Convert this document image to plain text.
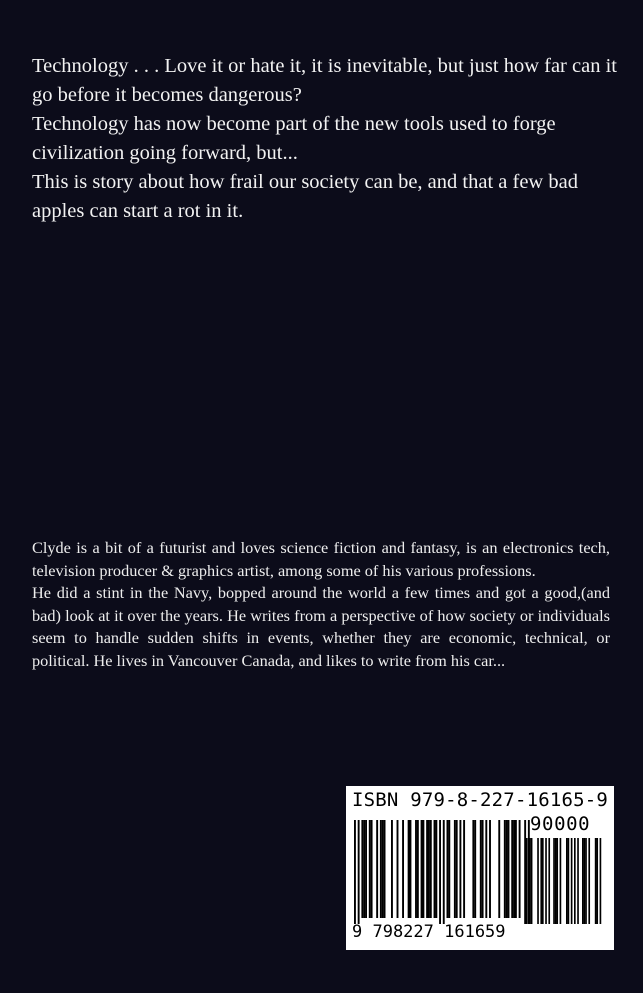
Technology . . . Love it or hate it, it is inevitable, but just how far can it go before it becomes dangerous?

Technology has now become part of the new tools used to forge civilization going forward, but...

This is story about how frail our society can be, and that a few bad apples can start a rot in it.

Clyde is a bit of a futurist and loves science fiction and fantasy, is an electronics tech, television producer & graphics artist, among some of his various professions.

He did a stint in the Navy, bopped around the world a few times and got a good,(and bad) look at it over the years. He writes from a perspective of how society or individuals seem to handle sudden shifts in events, whether they are economic, technical, or political. He lives in Vancouver Canada, and likes to write from his car...

ISBN 979-8-227-16165-9
90000
9 798227 161659
